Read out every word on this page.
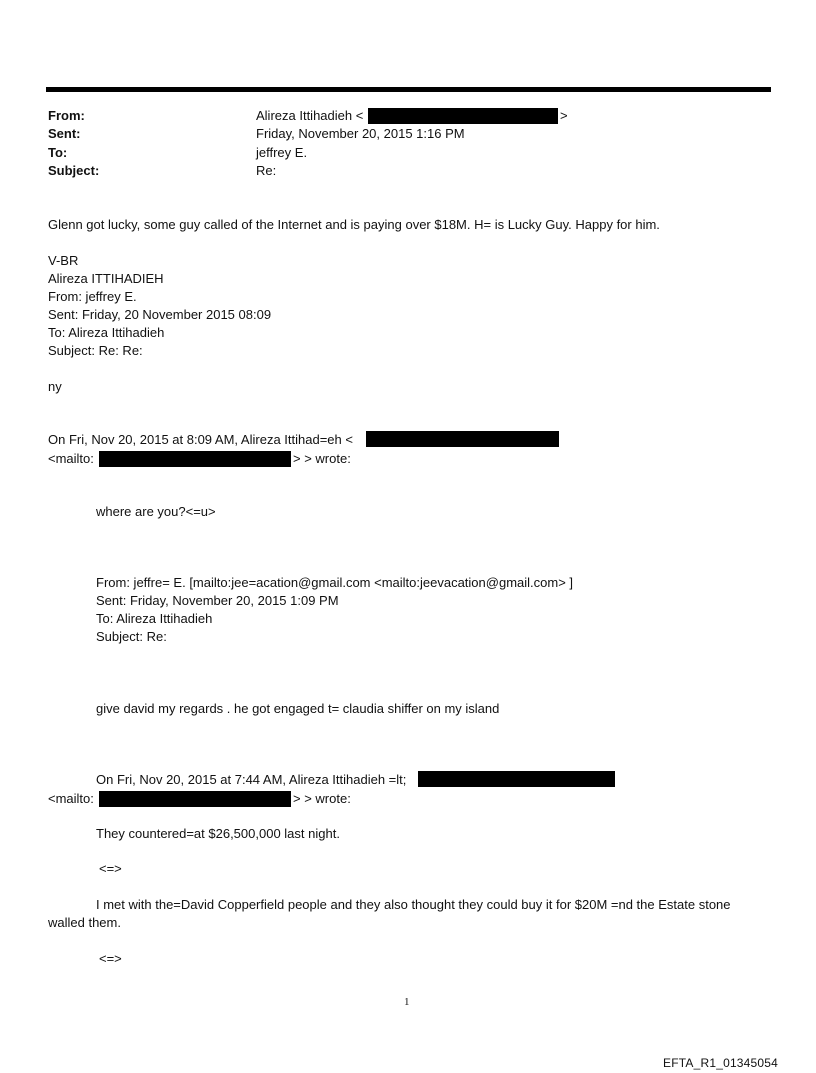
From:	Alireza Ittihadieh <	>
Sent:	Friday, November 20, 2015 1:16 PM
To:	jeffrey E.
Subject:	Re:
Glenn got lucky, some guy called of the Internet and is paying over $18M. H= is Lucky Guy. Happy for him.
V-BR
Alireza ITTIHADIEH
From: jeffrey E.
Sent: Friday, 20 November 2015 08:09
To: Alireza Ittihadieh
Subject: Re: Re:
ny
On Fri, Nov 20, 2015 at 8:09 AM, Alireza Ittihad=eh <
<mailto:	> > wrote:
where are you?<=u>
From: jeffre= E. [mailto:jee=acation@gmail.com <mailto:jeevacation@gmail.com> ]
Sent: Friday, November 20, 2015 1:09 PM
To: Alireza Ittihadieh
Subject: Re:
give david my regards . he got engaged t= claudia shiffer on my island
On Fri, Nov 20, 2015 at 7:44 AM, Alireza Ittihadieh =lt;
<mailto:	> > wrote:
They countered=at $26,500,000 last night.
<=>
I met with the=David Copperfield people and they also thought they could buy it for $20M =nd the Estate stone
walled them.
<=>
1
EFTA_R1_01345054
